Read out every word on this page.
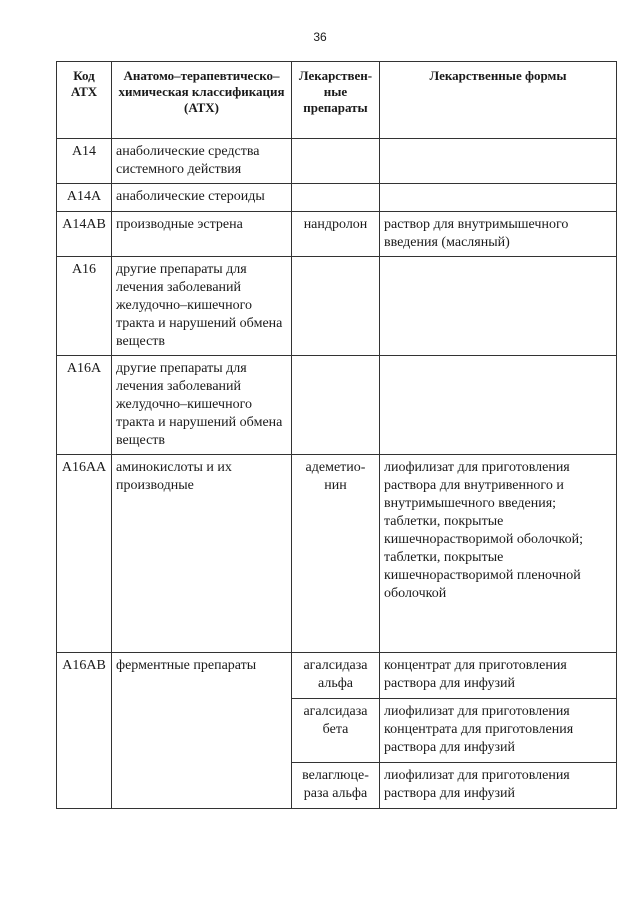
36
Код АТХ	Анатомо–терапевтическо–химическая классификация (АТХ)	Лекарствен-ные препараты	Лекарственные формы
A14	анаболические средства системного действия		
A14A	анаболические стероиды		
A14AB	производные эстрена	нандролон	раствор для внутримышечного введения (масляный)
A16	другие препараты для лечения заболеваний желудочно–кишечного тракта и нарушений обмена веществ		
A16A	другие препараты для лечения заболеваний желудочно–кишечного тракта и нарушений обмена веществ		
A16AA	аминокислоты и их производные	адеметио-нин	лиофилизат для приготовления раствора для внутривенного и внутримышечного введения; таблетки, покрытые кишечнорастворимой оболочкой; таблетки, покрытые кишечнорастворимой пленочной оболочкой
A16AB	ферментные препараты	агалсидаза альфа	концентрат для приготовления раствора для инфузий
		агалсидаза бета	лиофилизат для приготовления концентрата для приготовления раствора для инфузий
		велаглюце-раза альфа	лиофилизат для приготовления раствора для инфузий
